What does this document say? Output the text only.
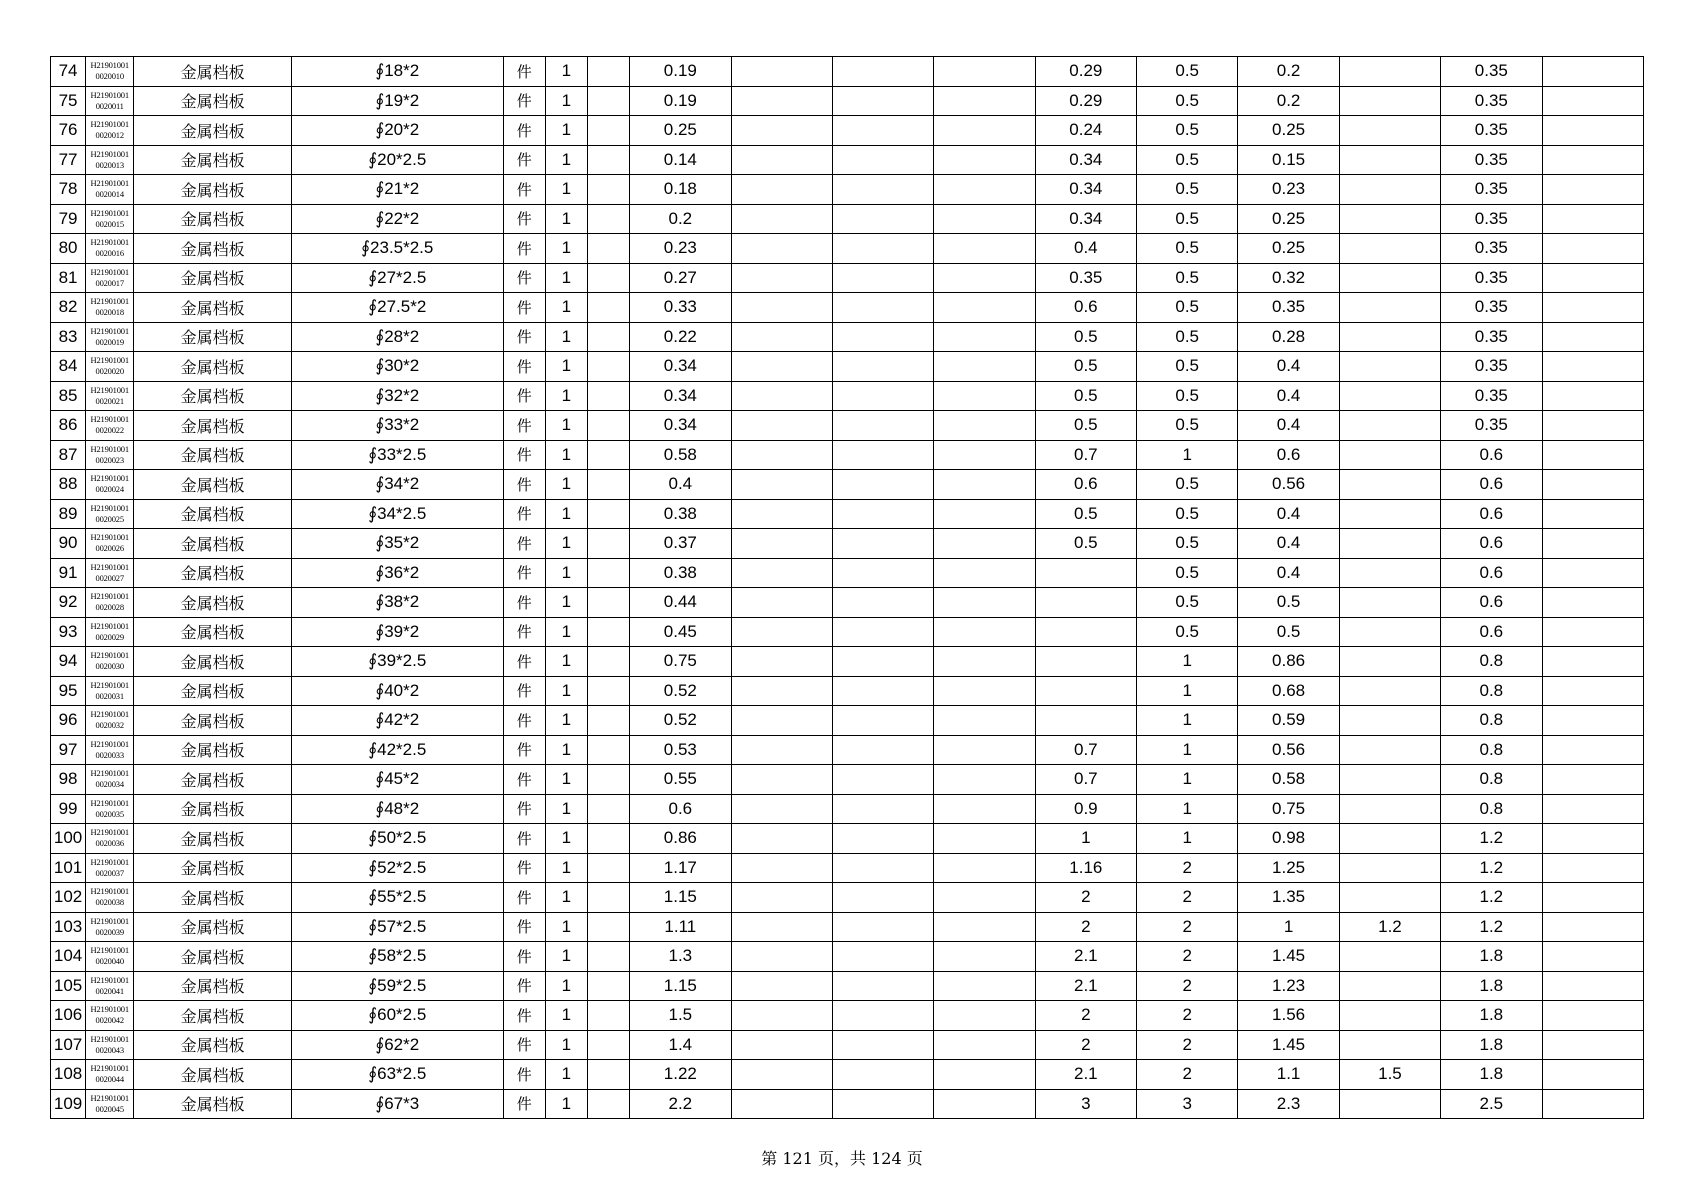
74	H21901001 0020010	金属档板	∮18*2	件	1		0.19				0.29	0.5	0.2		0.35	
75	H21901001 0020011	金属档板	∮19*2	件	1		0.19				0.29	0.5	0.2		0.35	
76	H21901001 0020012	金属档板	∮20*2	件	1		0.25				0.24	0.5	0.25		0.35	
77	H21901001 0020013	金属档板	∮20*2.5	件	1		0.14				0.34	0.5	0.15		0.35	
78	H21901001 0020014	金属档板	∮21*2	件	1		0.18				0.34	0.5	0.23		0.35	
79	H21901001 0020015	金属档板	∮22*2	件	1		0.2				0.34	0.5	0.25		0.35	
80	H21901001 0020016	金属档板	∮23.5*2.5	件	1		0.23				0.4	0.5	0.25		0.35	
81	H21901001 0020017	金属档板	∮27*2.5	件	1		0.27				0.35	0.5	0.32		0.35	
82	H21901001 0020018	金属档板	∮27.5*2	件	1		0.33				0.6	0.5	0.35		0.35	
83	H21901001 0020019	金属档板	∮28*2	件	1		0.22				0.5	0.5	0.28		0.35	
84	H21901001 0020020	金属档板	∮30*2	件	1		0.34				0.5	0.5	0.4		0.35	
85	H21901001 0020021	金属档板	∮32*2	件	1		0.34				0.5	0.5	0.4		0.35	
86	H21901001 0020022	金属档板	∮33*2	件	1		0.34				0.5	0.5	0.4		0.35	
87	H21901001 0020023	金属档板	∮33*2.5	件	1		0.58				0.7	1	0.6		0.6	
88	H21901001 0020024	金属档板	∮34*2	件	1		0.4				0.6	0.5	0.56		0.6	
89	H21901001 0020025	金属档板	∮34*2.5	件	1		0.38				0.5	0.5	0.4		0.6	
90	H21901001 0020026	金属档板	∮35*2	件	1		0.37				0.5	0.5	0.4		0.6	
91	H21901001 0020027	金属档板	∮36*2	件	1		0.38					0.5	0.4		0.6	
92	H21901001 0020028	金属档板	∮38*2	件	1		0.44					0.5	0.5		0.6	
93	H21901001 0020029	金属档板	∮39*2	件	1		0.45					0.5	0.5		0.6	
94	H21901001 0020030	金属档板	∮39*2.5	件	1		0.75					1	0.86		0.8	
95	H21901001 0020031	金属档板	∮40*2	件	1		0.52					1	0.68		0.8	
96	H21901001 0020032	金属档板	∮42*2	件	1		0.52					1	0.59		0.8	
97	H21901001 0020033	金属档板	∮42*2.5	件	1		0.53				0.7	1	0.56		0.8	
98	H21901001 0020034	金属档板	∮45*2	件	1		0.55				0.7	1	0.58		0.8	
99	H21901001 0020035	金属档板	∮48*2	件	1		0.6				0.9	1	0.75		0.8	
100	H21901001 0020036	金属档板	∮50*2.5	件	1		0.86				1	1	0.98		1.2	
101	H21901001 0020037	金属档板	∮52*2.5	件	1		1.17				1.16	2	1.25		1.2	
102	H21901001 0020038	金属档板	∮55*2.5	件	1		1.15				2	2	1.35		1.2	
103	H21901001 0020039	金属档板	∮57*2.5	件	1		1.11				2	2	1	1.2	1.2	
104	H21901001 0020040	金属档板	∮58*2.5	件	1		1.3				2.1	2	1.45		1.8	
105	H21901001 0020041	金属档板	∮59*2.5	件	1		1.15				2.1	2	1.23		1.8	
106	H21901001 0020042	金属档板	∮60*2.5	件	1		1.5				2	2	1.56		1.8	
107	H21901001 0020043	金属档板	∮62*2	件	1		1.4				2	2	1.45		1.8	
108	H21901001 0020044	金属档板	∮63*2.5	件	1		1.22				2.1	2	1.1	1.5	1.8	
109	H21901001 0020045	金属档板	∮67*3	件	1		2.2				3	3	2.3		2.5	
第 121 页，共 124 页
